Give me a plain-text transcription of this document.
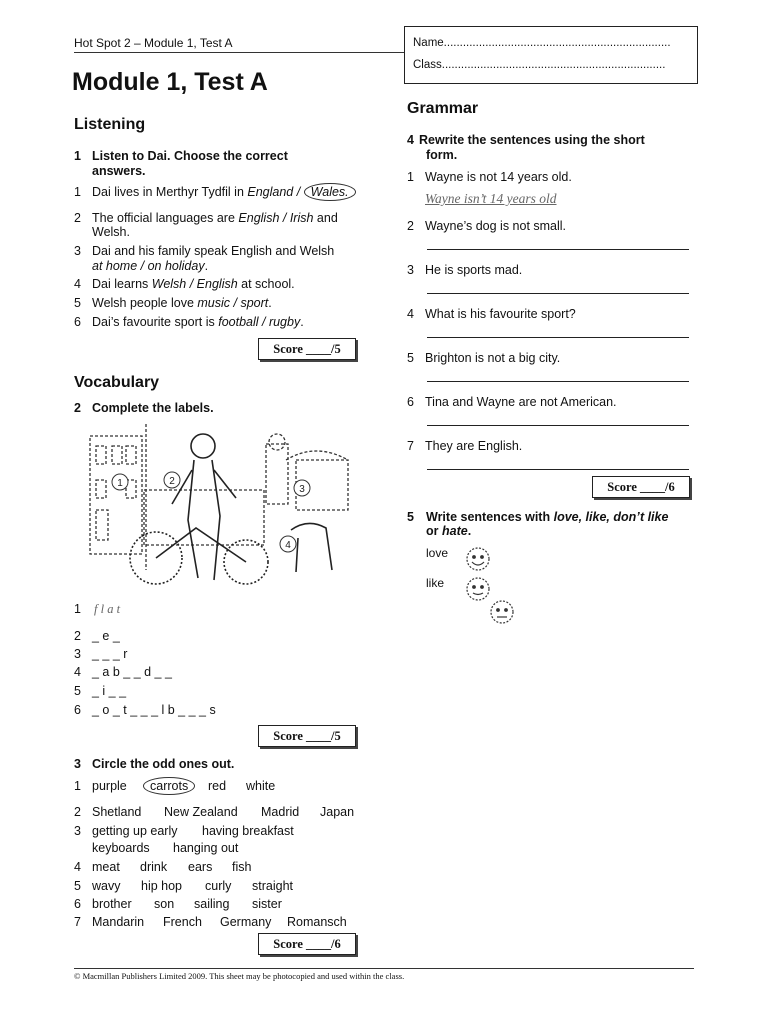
Hot Spot 2 – Module 1, Test A	Name.......................................................................
Class......................................................................
Module 1, Test A
Listening
1 Listen to Dai. Choose the correct
answers.
1 Dai lives in Merthyr Tydfil in England / Wales.
2 The official languages are English / Irish and
Welsh.
3 Dai and his family speak English and Welsh
at home / on holiday.
4 Dai learns Welsh / English at school.
5 Welsh people love music / sport.
6 Dai’s favourite sport is football / rugby.
Score ____/5
Vocabulary
2 Complete the labels.
1	2
3
4
1 f l a t
2 _ e _
3 _ _ _ r
4 _ a b _ _ d _ _
5 _ i _ _
6 _ o _ t _ _ _ l b _ _ _ s
Score ____/5
3 Circle the odd ones out.
1 purple	carrots	red white
2 Shetland New Zealand Madrid Japan
3 getting up early having breakfast
keyboards hanging out
4 meat drink ears fish
5 wavy hip hop curly straight
6 brother son sailing sister
7 Mandarin French Germany Romansch
Score ____/6
Grammar
4 Rewrite the sentences using the short
form.
1 Wayne is not 14 years old.
Wayne isn’t 14 years old
2 Wayne’s dog is not small.
3 He is sports mad.
4 What is his favourite sport?
5 Brighton is not a big city.
6 Tina and Wayne are not American.
7 They are English.
Score ____/6
5 Write sentences with love, like, don’t like
or hate.
love
like
© Macmillan Publishers Limited 2009. This sheet may be photocopied and used within the class.
